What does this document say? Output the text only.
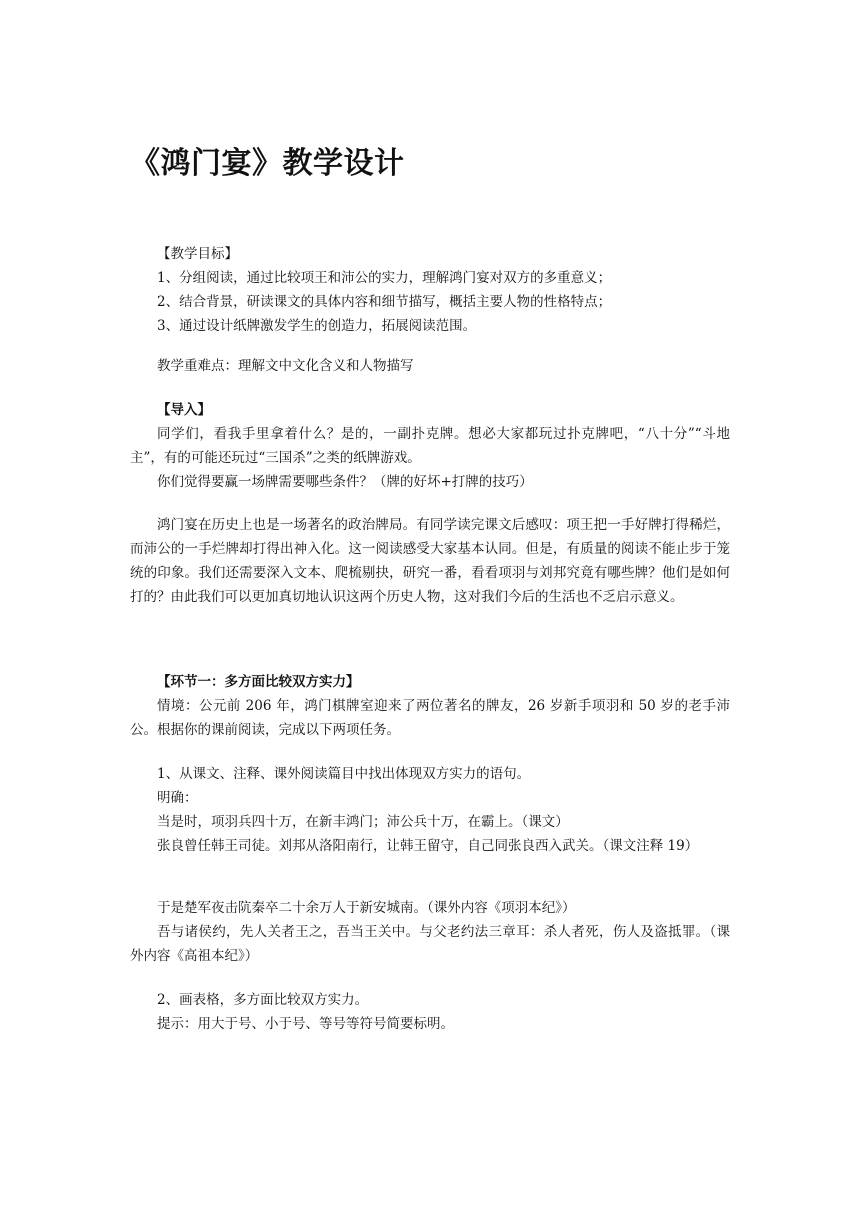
《鸿门宴》教学设计

【教学目标】

1、分组阅读，通过比较项王和沛公的实力，理解鸿门宴对双方的多重意义；

2、结合背景，研读课文的具体内容和细节描写，概括主要人物的性格特点；

3、通过设计纸牌激发学生的创造力，拓展阅读范围。

教学重难点：理解文中文化含义和人物描写

【导入】

同学们，看我手里拿着什么？是的，一副扑克牌。想必大家都玩过扑克牌吧，“八十分”“斗地主”，有的可能还玩过“三国杀”之类的纸牌游戏。

你们觉得要赢一场牌需要哪些条件？（牌的好坏+打牌的技巧）

鸿门宴在历史上也是一场著名的政治牌局。有同学读完课文后感叹：项王把一手好牌打得稀烂，而沛公的一手烂牌却打得出神入化。这一阅读感受大家基本认同。但是，有质量的阅读不能止步于笼统的印象。我们还需要深入文本、爬梳剔抉，研究一番，看看项羽与刘邦究竟有哪些牌？他们是如何打的？由此我们可以更加真切地认识这两个历史人物，这对我们今后的生活也不乏启示意义。

【环节一：多方面比较双方实力】

情境：公元前 206 年，鸿门棋牌室迎来了两位著名的牌友，26 岁新手项羽和 50 岁的老手沛公。根据你的课前阅读，完成以下两项任务。

1、从课文、注释、课外阅读篇目中找出体现双方实力的语句。

明确：

当是时，项羽兵四十万，在新丰鸿门；沛公兵十万，在霸上。（课文）

张良曾任韩王司徒。刘邦从洛阳南行，让韩王留守，自己同张良西入武关。（课文注释 19）

于是楚军夜击阬秦卒二十余万人于新安城南。（课外内容《项羽本纪》）

吾与诸侯约，先人关者王之，吾当王关中。与父老约法三章耳：杀人者死，伤人及盗抵罪。（课外内容《高祖本纪》）

2、画表格，多方面比较双方实力。

提示：用大于号、小于号、等号等符号简要标明。
